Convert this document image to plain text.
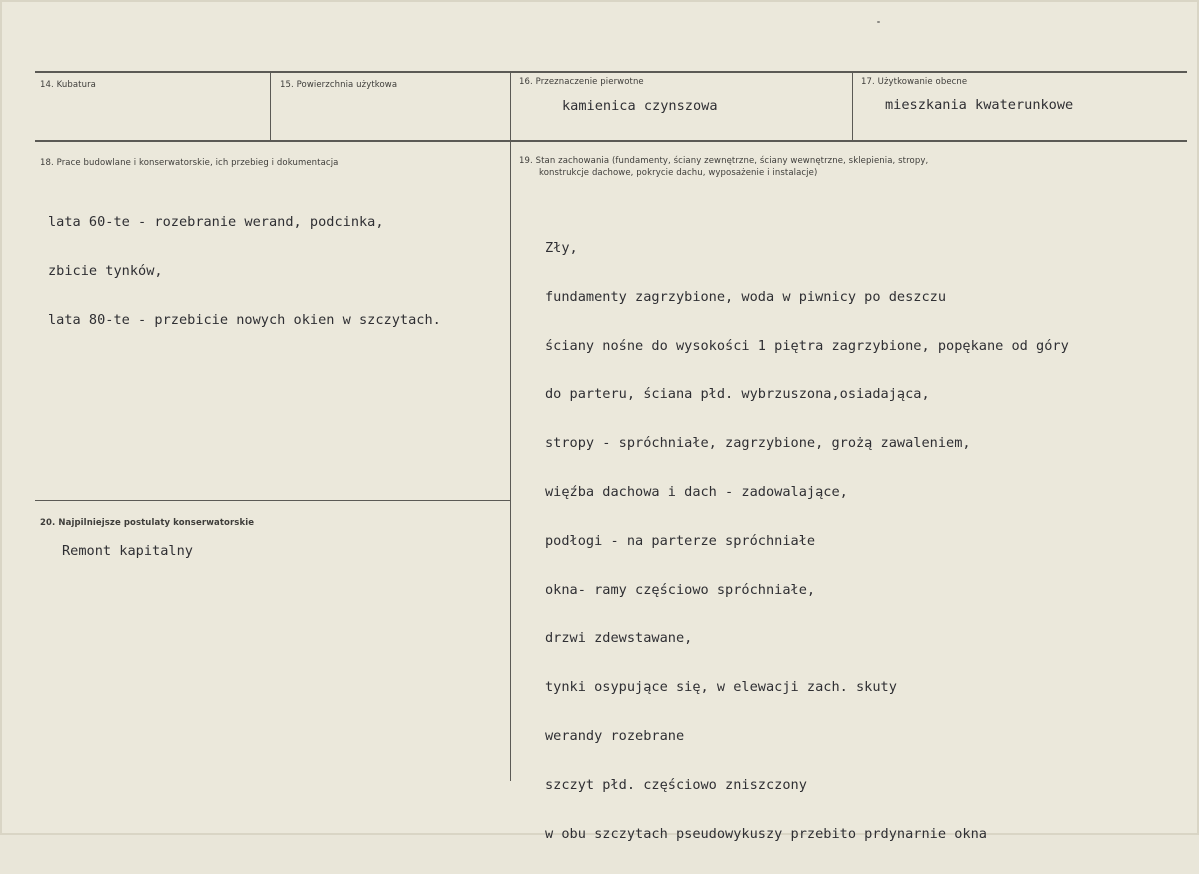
14. Kubatura	15. Powierzchnia użytkowa	16. Przeznaczenie pierwotne
kamienica czynszowa
17. Użytkowanie obecne
mieszkania kwaterunkowe
18. Prace budowlane i konserwatorskie, ich przebieg i dokumentacja

lata 60-te - rozebranie werand, podcinka,

zbicie tynków,

lata 80-te - przebicie nowych okien w szczytach.

19. Stan zachowania (fundamenty, ściany zewnętrzne, ściany wewnętrzne, sklepienia, stropy,
konstrukcje dachowe, pokrycie dachu, wyposażenie i instalacje)

Zły,

fundamenty zagrzybione, woda w piwnicy po deszczu

ściany nośne do wysokości 1 piętra zagrzybione, popękane od góry

do parteru, ściana płd. wybrzuszona,osiadająca,

stropy - spróchniałe, zagrzybione, grożą zawaleniem,

więźba dachowa i dach - zadowalające,

podłogi - na parterze spróchniałe

okna- ramy częściowo spróchniałe,

drzwi zdewstawane,

tynki osypujące się, w elewacji zach. skuty

werandy rozebrane

szczyt płd. częściowo zniszczony

w obu szczytach pseudowykuszy przebito prdynarnie okna

20. Najpilniejsze postulaty konserwatorskie
Remont kapitalny
